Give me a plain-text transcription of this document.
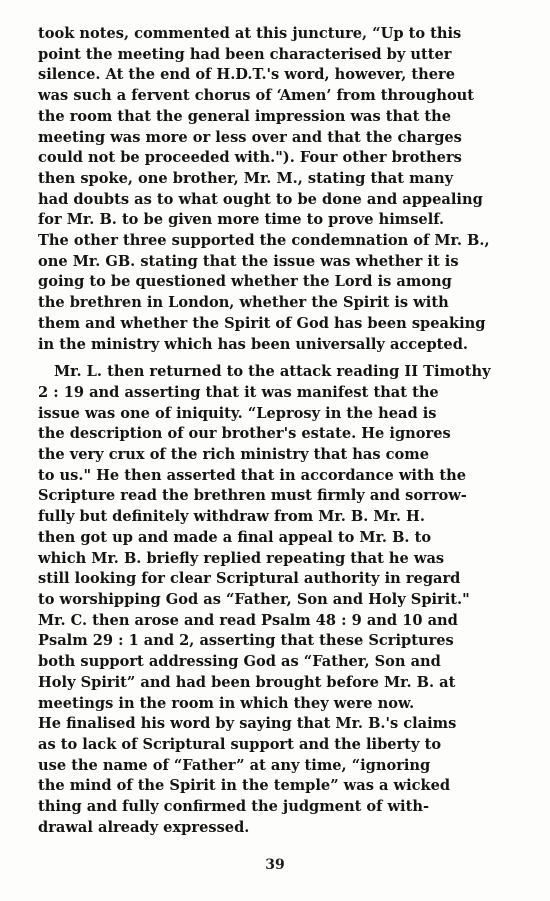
took notes, commented at this juncture, “Up to this
point the meeting had been characterised by utter
silence. At the end of H.D.T.'s word, however, there
was such a fervent chorus of ‘Amen’ from throughout
the room that the general impression was that the
meeting was more or less over and that the charges
could not be proceeded with."). Four other brothers
then spoke, one brother, Mr. M., stating that many
had doubts as to what ought to be done and appealing
for Mr. B. to be given more time to prove himself.
The other three supported the condemnation of Mr. B.,
one Mr. GB. stating that the issue was whether it is
going to be questioned whether the Lord is among
the brethren in London, whether the Spirit is with
them and whether the Spirit of God has been speaking
in the ministry which has been universally accepted.
Mr. L. then returned to the attack reading II Timothy
2 : 19 and asserting that it was manifest that the
issue was one of iniquity. “Leprosy in the head is
the description of our brother's estate. He ignores
the very crux of the rich ministry that has come
to us." He then asserted that in accordance with the
Scripture read the brethren must firmly and sorrow-
fully but definitely withdraw from Mr. B. Mr. H.
then got up and made a final appeal to Mr. B. to
which Mr. B. briefly replied repeating that he was
still looking for clear Scriptural authority in regard
to worshipping God as “Father, Son and Holy Spirit."
Mr. C. then arose and read Psalm 48 : 9 and 10 and
Psalm 29 : 1 and 2, asserting that these Scriptures
both support addressing God as “Father, Son and
Holy Spirit” and had been brought before Mr. B. at
meetings in the room in which they were now.
He finalised his word by saying that Mr. B.'s claims
as to lack of Scriptural support and the liberty to
use the name of “Father” at any time, “ignoring
the mind of the Spirit in the temple” was a wicked
thing and fully confirmed the judgment of with-
drawal already expressed.
39
